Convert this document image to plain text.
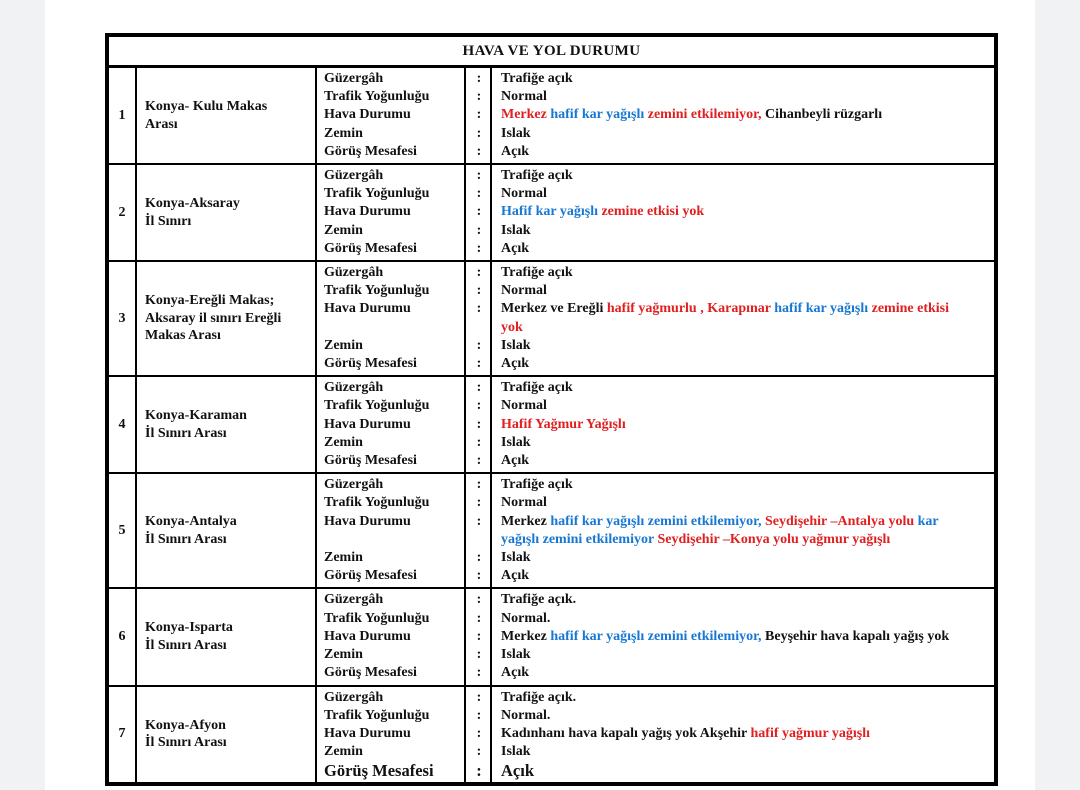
HAVA VE YOL DURUMU
1
Konya- Kulu Makas
Arası
Güzergâh	:	Trafiğe açık
Trafik Yoğunluğu	:	Normal
Hava Durumu	:	Merkez hafif kar yağışlı zemini etkilemiyor, Cihanbeyli rüzgarlı
Zemin	:	Islak
Görüş Mesafesi	:	Açık
2
Konya-Aksaray
İl Sınırı
Güzergâh	:	Trafiğe açık
Trafik Yoğunluğu	:	Normal
Hava Durumu	:	Hafif kar yağışlı zemine etkisi yok
Zemin	:	Islak
Görüş Mesafesi	:	Açık
3
Konya-Ereğli Makas;
Aksaray il sınırı Ereğli
Makas Arası
Güzergâh	:	Trafiğe açık
Trafik Yoğunluğu	:	Normal
Hava Durumu	:	Merkez ve Ereğli hafif yağmurlu , Karapınar hafif kar yağışlı zemine etkisi
yok
Zemin	:	Islak
Görüş Mesafesi	:	Açık
4
Konya-Karaman
İl Sınırı Arası
Güzergâh	:	Trafiğe açık
Trafik Yoğunluğu	:	Normal
Hava Durumu	:	Hafif Yağmur Yağışlı
Zemin	:	Islak
Görüş Mesafesi	:	Açık
5
Konya-Antalya
İl Sınırı Arası
Güzergâh	:	Trafiğe açık
Trafik Yoğunluğu	:	Normal
Hava Durumu	:	Merkez hafif kar yağışlı zemini etkilemiyor, Seydişehir –Antalya yolu kar
yağışlı zemini etkilemiyor Seydişehir –Konya yolu yağmur yağışlı
Zemin	:	Islak
Görüş Mesafesi	:	Açık
6
Konya-Isparta
İl Sınırı Arası
Güzergâh	:	Trafiğe açık.
Trafik Yoğunluğu	:	Normal.
Hava Durumu	:	Merkez hafif kar yağışlı zemini etkilemiyor, Beyşehir hava kapalı yağış yok
Zemin	:	Islak
Görüş Mesafesi	:	Açık
7
Konya-Afyon
İl Sınırı Arası
Güzergâh	:	Trafiğe açık.
Trafik Yoğunluğu	:	Normal.
Hava Durumu	:	Kadınhanı hava kapalı yağış yok Akşehir hafif yağmur yağışlı
Zemin	:	Islak
Görüş Mesafesi	:	Açık
